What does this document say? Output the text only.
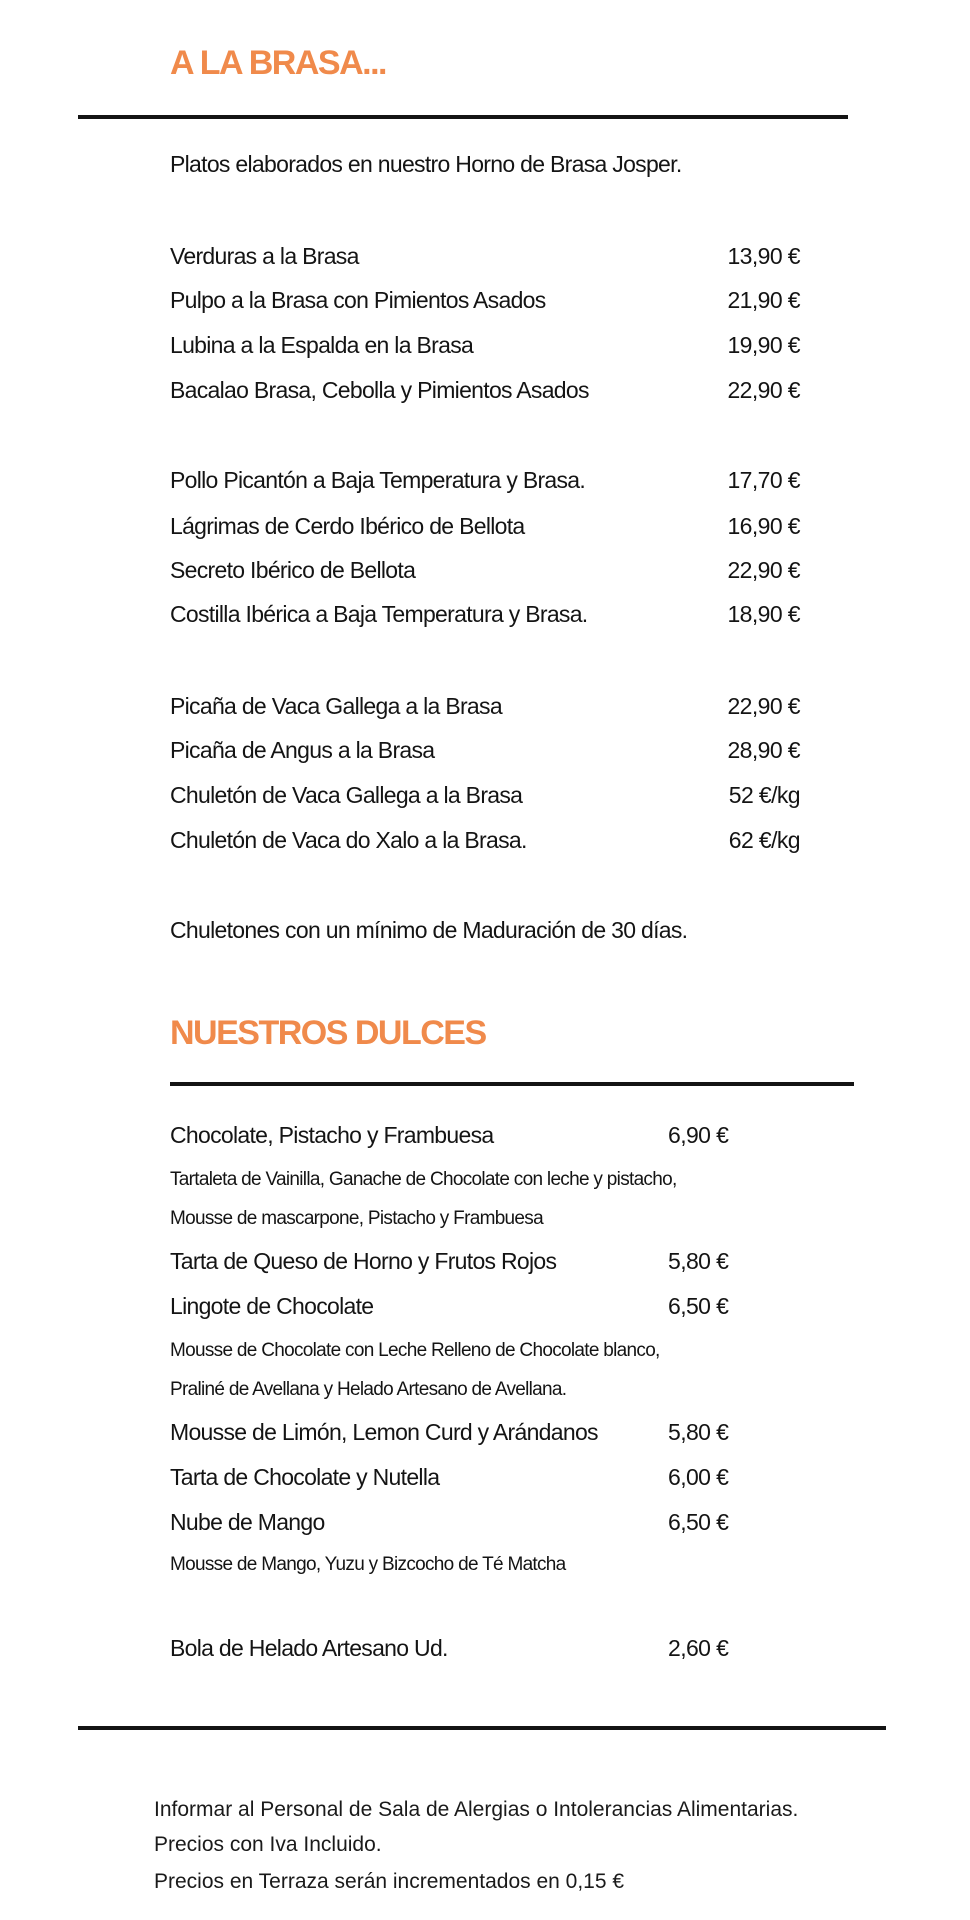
A LA BRASA...
Platos elaborados en nuestro Horno de Brasa Josper.
Verduras a la Brasa	13,90 €
Pulpo a la Brasa con Pimientos Asados	21,90 €
Lubina a la Espalda en la Brasa	19,90 €
Bacalao Brasa, Cebolla y Pimientos Asados	22,90 €
Pollo Picantón a Baja Temperatura y Brasa.	17,70 €
Lágrimas de Cerdo Ibérico de Bellota	16,90 €
Secreto Ibérico de Bellota	22,90 €
Costilla Ibérica a Baja Temperatura y Brasa.	18,90 €
Picaña de Vaca Gallega a la Brasa	22,90 €
Picaña de Angus a la Brasa	28,90 €
Chuletón de Vaca Gallega a la Brasa	52 €/kg
Chuletón de Vaca do Xalo a la Brasa.	62 €/kg
Chuletones con un mínimo de Maduración de 30 días.
NUESTROS DULCES
Chocolate, Pistacho y Frambuesa	6,90 €
Tartaleta de Vainilla, Ganache de Chocolate con leche y pistacho,
Mousse de mascarpone, Pistacho y Frambuesa
Tarta de Queso de Horno y Frutos Rojos	5,80 €
Lingote de Chocolate	6,50 €
Mousse de Chocolate con Leche Relleno de Chocolate blanco,
Praliné de Avellana y Helado Artesano de Avellana.
Mousse de Limón, Lemon Curd y Arándanos	5,80 €
Tarta de Chocolate y Nutella	6,00 €
Nube de Mango	6,50 €
Mousse de Mango, Yuzu y Bizcocho de Té Matcha
Bola de Helado Artesano Ud.	2,60 €
Informar al Personal de Sala de Alergias o Intolerancias Alimentarias.
Precios con Iva Incluido.
Precios en Terraza serán incrementados en 0,15 €
